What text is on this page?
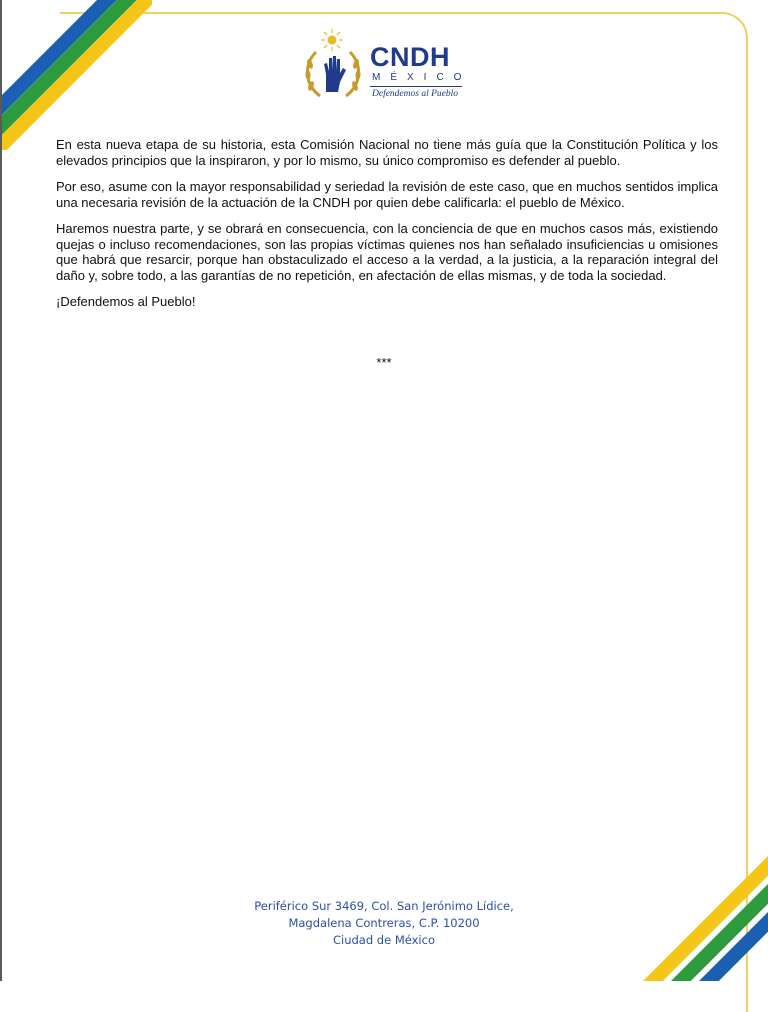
CNDH
MÉXICO
Defendemos al Pueblo

En esta nueva etapa de su historia, esta Comisión Nacional no tiene más guía que la Constitución Política y los elevados principios que la inspiraron, y por lo mismo, su único compromiso es defender al pueblo.

Por eso, asume con la mayor responsabilidad y seriedad la revisión de este caso, que en muchos sentidos implica una necesaria revisión de la actuación de la CNDH por quien debe calificarla: el pueblo de México.

Haremos nuestra parte, y se obrará en consecuencia, con la conciencia de que en muchos casos más, existiendo quejas o incluso recomendaciones, son las propias víctimas quienes nos han señalado insuficiencias u omisiones que habrá que resarcir, porque han obstaculizado el acceso a la verdad, a la justicia, a la reparación integral del daño y, sobre todo, a las garantías de no repetición, en afectación de ellas mismas, y de toda la sociedad.

¡Defendemos al Pueblo!

***
Periférico Sur 3469, Col. San Jerónimo Lídice,
Magdalena Contreras, C.P. 10200
Ciudad de México
